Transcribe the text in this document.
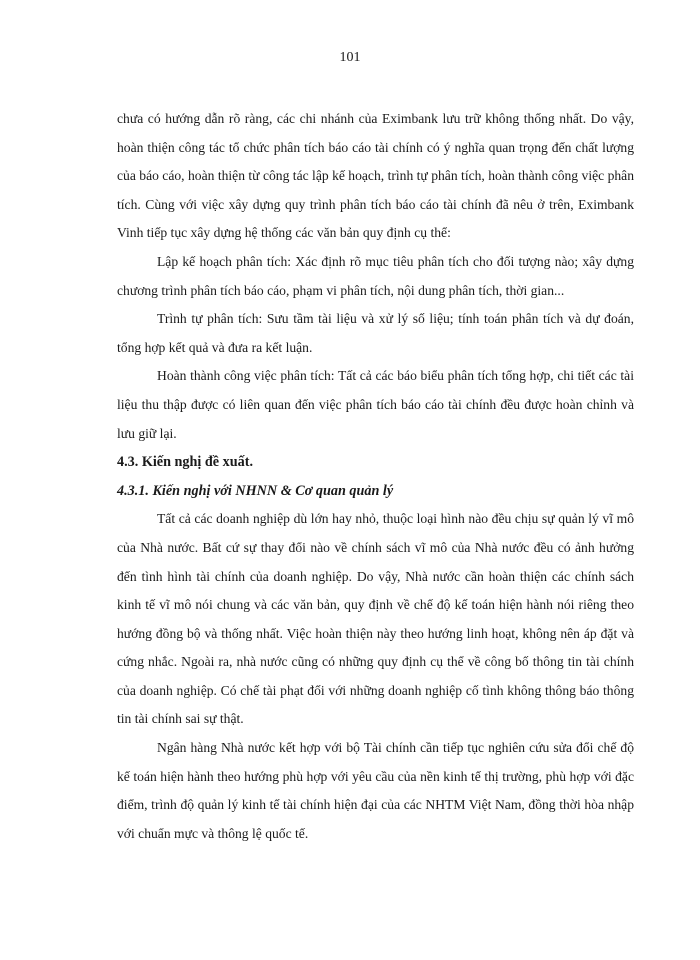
101

chưa có hướng dẫn rõ ràng, các chi nhánh của Eximbank lưu trữ không thống nhất. Do vậy, hoàn thiện công tác tổ chức phân tích báo cáo tài chính có ý nghĩa quan trọng đến chất lượng của báo cáo, hoàn thiện từ công tác lập kế hoạch, trình tự phân tích, hoàn thành công việc phân tích. Cùng với việc xây dựng quy trình phân tích báo cáo tài chính đã nêu ở trên, Eximbank Vinh tiếp tục xây dựng hệ thống các văn bản quy định cụ thể:

Lập kế hoạch phân tích: Xác định rõ mục tiêu phân tích cho đối tượng nào; xây dựng chương trình phân tích báo cáo, phạm vi phân tích, nội dung phân tích, thời gian...

Trình tự phân tích: Sưu tầm tài liệu và xử lý số liệu; tính toán phân tích và dự đoán, tổng hợp kết quả và đưa ra kết luận.

Hoàn thành công việc phân tích: Tất cả các báo biểu phân tích tổng hợp, chi tiết các tài liệu thu thập được có liên quan đến việc phân tích báo cáo tài chính đều được hoàn chỉnh và lưu giữ lại.

4.3. Kiến nghị đề xuất.
4.3.1. Kiến nghị với NHNN & Cơ quan quản lý

Tất cả các doanh nghiệp dù lớn hay nhỏ, thuộc loại hình nào đều chịu sự quản lý vĩ mô của Nhà nước. Bất cứ sự thay đổi nào về chính sách vĩ mô của Nhà nước đều có ảnh hưởng đến tình hình tài chính của doanh nghiệp. Do vậy, Nhà nước cần hoàn thiện các chính sách kinh tế vĩ mô nói chung và các văn bản, quy định về chế độ kế toán hiện hành nói riêng theo hướng đồng bộ và thống nhất. Việc hoàn thiện này theo hướng linh hoạt, không nên áp đặt và cứng nhắc. Ngoài ra, nhà nước cũng có những quy định cụ thể về công bố thông tin tài chính của doanh nghiệp. Có chế tài phạt đối với những doanh nghiệp cố tình không thông báo thông tin tài chính sai sự thật.

Ngân hàng Nhà nước kết hợp với bộ Tài chính cần tiếp tục nghiên cứu sửa đổi chế độ kế toán hiện hành theo hướng phù hợp với yêu cầu của nền kinh tế thị trường, phù hợp với đặc điểm, trình độ quản lý kinh tế tài chính hiện đại của các NHTM Việt Nam, đồng thời hòa nhập với chuẩn mực và thông lệ quốc tế.
